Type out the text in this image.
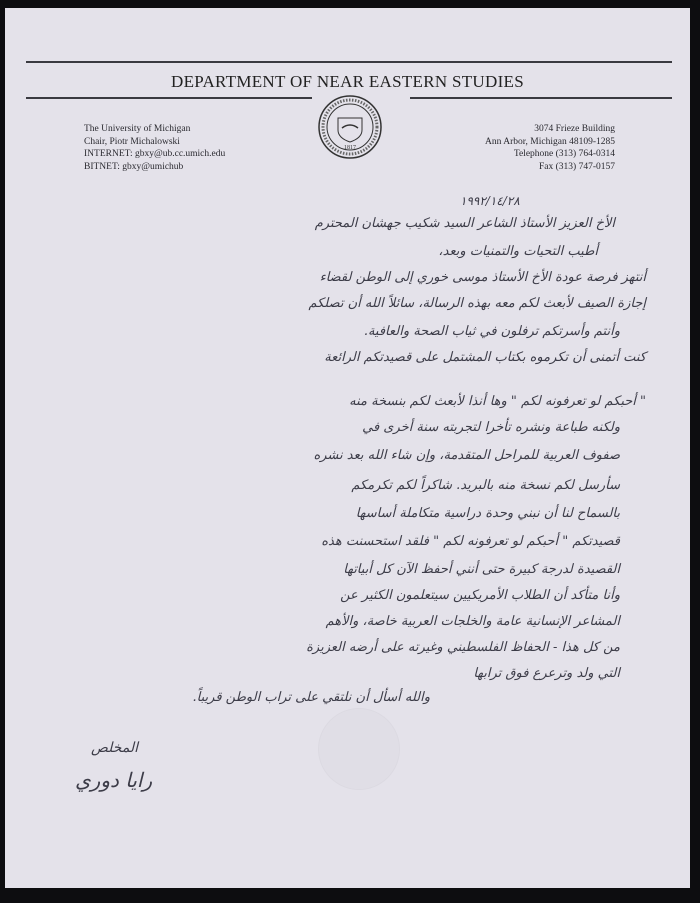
DEPARTMENT OF NEAR EASTERN STUDIES
1817
The University of Michigan
Chair, Piotr Michalowski
INTERNET: gbxy@ub.cc.umich.edu
BITNET: gbxy@umichub
3074 Frieze Building
Ann Arbor, Michigan 48109-1285
Telephone (313) 764-0314
Fax (313) 747-0157
١٩٩٢/١٤/٢٨
الأخ العزيز الأستاذ الشاعر السيد شكيب جهشان المحترم
أطيب التحيات والتمنيات وبعد،
أنتهز فرصة عودة الأخ الأستاذ موسى خوري إلى الوطن لقضاء
إجازة الصيف لأبعث لكم معه بهذه الرسالة، سائلاً الله أن تصلكم
وأنتم وأسرتكم ترفلون في ثياب الصحة والعافية.
كنت أتمنى أن تكرموه بكتاب المشتمل على قصيدتكم الرائعة
" أحبكم لو تعرفونه لكم " وها أنذا لأبعث لكم بنسخة منه
ولكنه طباعة ونشره تأخرا لتجربته سنة أخرى في
صفوف العربية للمراحل المتقدمة، وإن شاء الله بعد نشره
سأرسل لكم نسخة منه بالبريد. شاكراً لكم تكرمكم
بالسماح لنا أن نبني وحدة دراسية متكاملة أساسها
قصيدتكم " أحبكم لو تعرفونه لكم " فلقد استحسنت هذه
القصيدة لدرجة كبيرة حتى أنني أحفظ الآن كل أبياتها
وأنا متأكد أن الطلاب الأمريكيين سيتعلمون الكثير عن
المشاعر الإنسانية عامة والخلجات العربية خاصة، والأهم
من كل هذا - الحفاظ الفلسطيني وغيرته على أرضه العزيزة
التي ولد وترعرع فوق ترابها
والله أسأل أن نلتقي على تراب الوطن قريباً.
المخلص
رايا دوري
